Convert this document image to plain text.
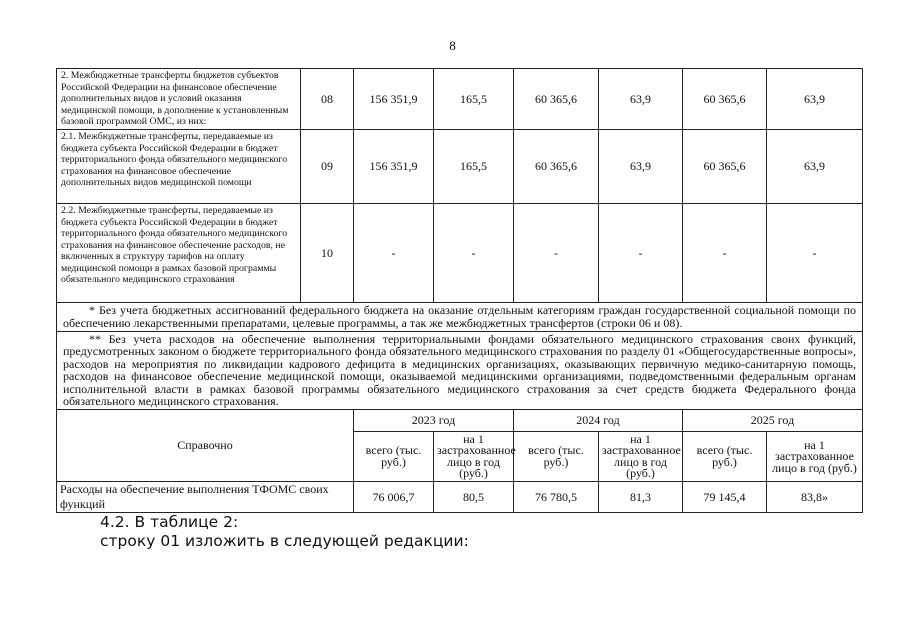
8
2. Межбюджетные трансферты бюджетов субъектов Российской Федерации на финансовое обеспечение дополнительных видов и условий оказания медицинской помощи, в дополнение к установленным базовой программой ОМС, из них:	08	156 351,9	165,5	60 365,6	63,9	60 365,6	63,9
2.1. Межбюджетные трансферты, передаваемые из бюджета субъекта Российской Федерации в бюджет территориального фонда обязательного медицинского страхования на финансовое обеспечение дополнительных видов медицинской помощи	09	156 351,9	165,5	60 365,6	63,9	60 365,6	63,9
2.2. Межбюджетные трансферты, передаваемые из бюджета субъекта Российской Федерации в бюджет территориального фонда обязательного медицинского страхования на финансовое обеспечение расходов, не включенных в структуру тарифов на оплату медицинской помощи в рамках базовой программы обязательного медицинского страхования	10	-	-	-	-	-	-
* Без учета бюджетных ассигнований федерального бюджета на оказание отдельным категориям граждан государственной социальной помощи по обеспечению лекарственными препаратами, целевые программы, а так же межбюджетных трансфертов (строки 06 и 08).							
** Без учета расходов на обеспечение выполнения территориальными фондами обязательного медицинского страхования своих функций, предусмотренных законом о бюджете территориального фонда обязательного медицинского страхования по разделу 01 «Общегосударственные вопросы», расходов на мероприятия по ликвидации кадрового дефицита в медицинских организациях, оказывающих первичную медико-санитарную помощь, расходов на финансовое обеспечение медицинской помощи, оказываемой медицинскими организациями, подведомственными федеральным органам исполнительной власти в рамках базовой программы обязательного медицинского страхования за счет средств бюджета Федерального фонда обязательного медицинского страхования.							
Справочно		2023 год		2024 год		2025 год	
		всего (тыс. руб.)	на 1 застрахованное лицо в год (руб.)	всего (тыс. руб.)	на 1 застрахованное лицо в год (руб.)	всего (тыс. руб.)	на 1 застрахованное лицо в год (руб.)
Расходы на обеспечение выполнения ТФОМС своих функций		76 006,7	80,5	76 780,5	81,3	79 145,4	83,8»
4.2. В таблице 2:
строку 01 изложить в следующей редакции:
